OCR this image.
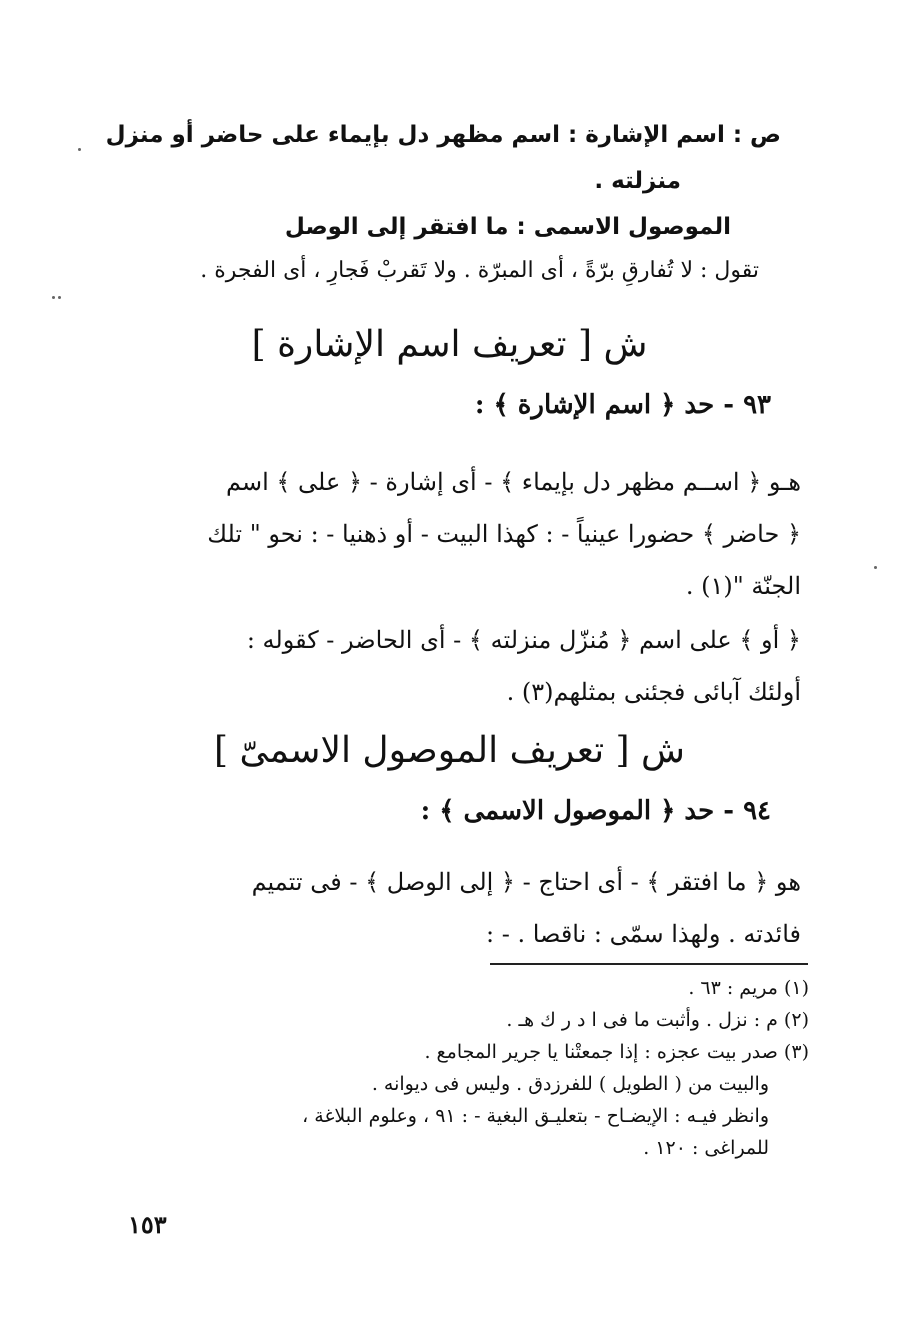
ص : اسم الإشارة : اسم مظهر دل بإيماء على حاضر أو منزل
منزلته .
الموصول الاسمى : ما افتقر إلى الوصل
تقول : لا تُفارقِ برّةً ، أى المبرّة . ولا تَقربْ فَجارِ ، أى الفجرة .
ش [ تعريف اسم الإشارة ]
٩٣ - حد ﴿ اسم الإشارة ﴾ :
هـو ﴿ اســم مظهر دل بإيماء ﴾ - أى إشارة - ﴿ على ﴾ اسم
﴿ حاضر ﴾ حضورا عينياً - : كهذا البيت - أو ذهنيا - : نحو " تلك
الجنّة "(١) .
﴿ أو ﴾ على اسم ﴿ مُنزّل منزلته ﴾ - أى الحاضر - كقوله :
أولئك آبائى فجئنى بمثلهم(٣) .
ش [ تعريف الموصول الاسمىّ ]
٩٤ - حد ﴿ الموصول الاسمى ﴾ :
هو ﴿ ما افتقر ﴾ - أى احتاج - ﴿ إلى الوصل ﴾ - فى تتميم
فائدته . ولهذا سمّى : ناقصا . - :
(١) مريم : ٦٣ .
(٢) م : نزل . وأثبت ما فى ا د ر ك هـ .
(٣) صدر بيت عجزه : إذا جمعتْنا يا جرير المجامع .
والبيت من ( الطويل ) للفرزدق . وليس فى ديوانه .
وانظر فيـه : الإيضـاح - بتعليـق البغية - : ٩١ ، وعلوم البلاغة ،
للمراغى : ١٢٠ .
١٥٣
